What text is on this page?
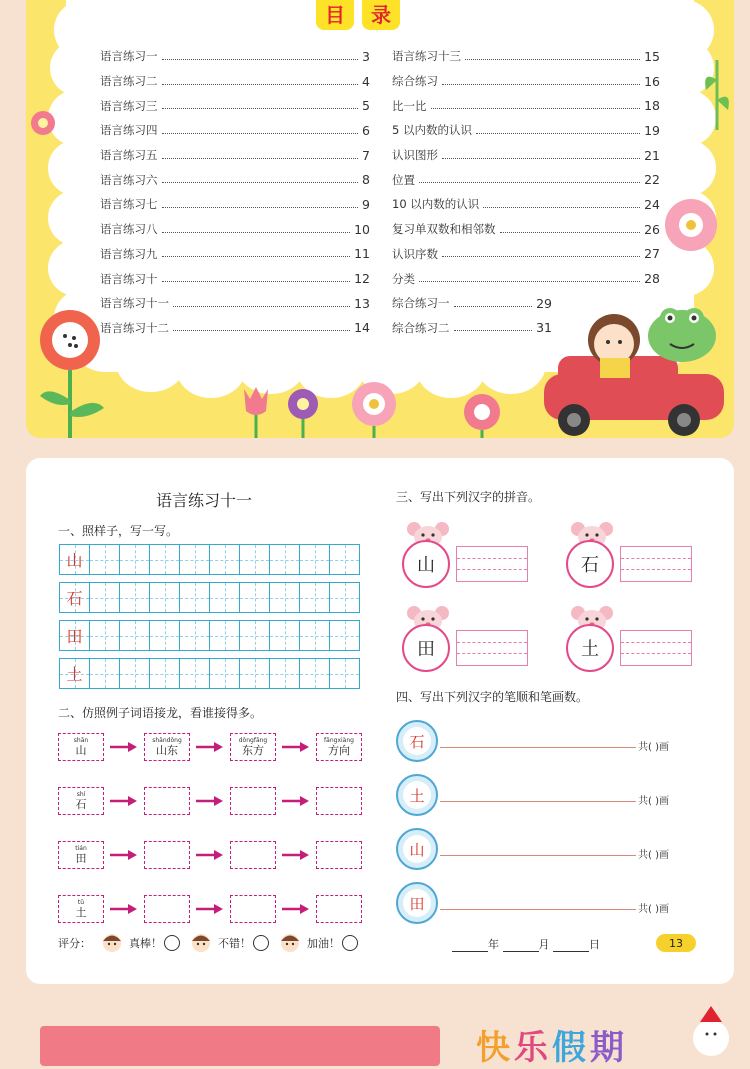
目	录
语言练习一	3
语言练习二	4
语言练习三	5
语言练习四	6
语言练习五	7
语言练习六	8
语言练习七	9
语言练习八	10
语言练习九	11
语言练习十	12
语言练习十一	13
语言练习十二	14
语言练习十三	15
综合练习	16
比一比	18
5 以内数的认识	19
认识图形	21
位置	22
10 以内数的认识	24
复习单双数和相邻数	26
认识序数	27
分类	28
综合练习一	29
综合练习二	31
语言练习十一
一、照样子，写一写。
山
石
田
土
二、仿照例子词语接龙，看谁接得多。
shān
山
shāndōng
山东
dōngfāng
东方
fāngxiàng
方向
shí
石
tián
田
tǔ
土
三、写出下列汉字的拼音。
山	石
田	土
四、写出下列汉字的笔顺和笔画数。
石	共( )画
土	共( )画
山	共( )画
田	共( )画
评分：	真棒！	不错！	加油！	年	月	日	13
快 乐 假 期
